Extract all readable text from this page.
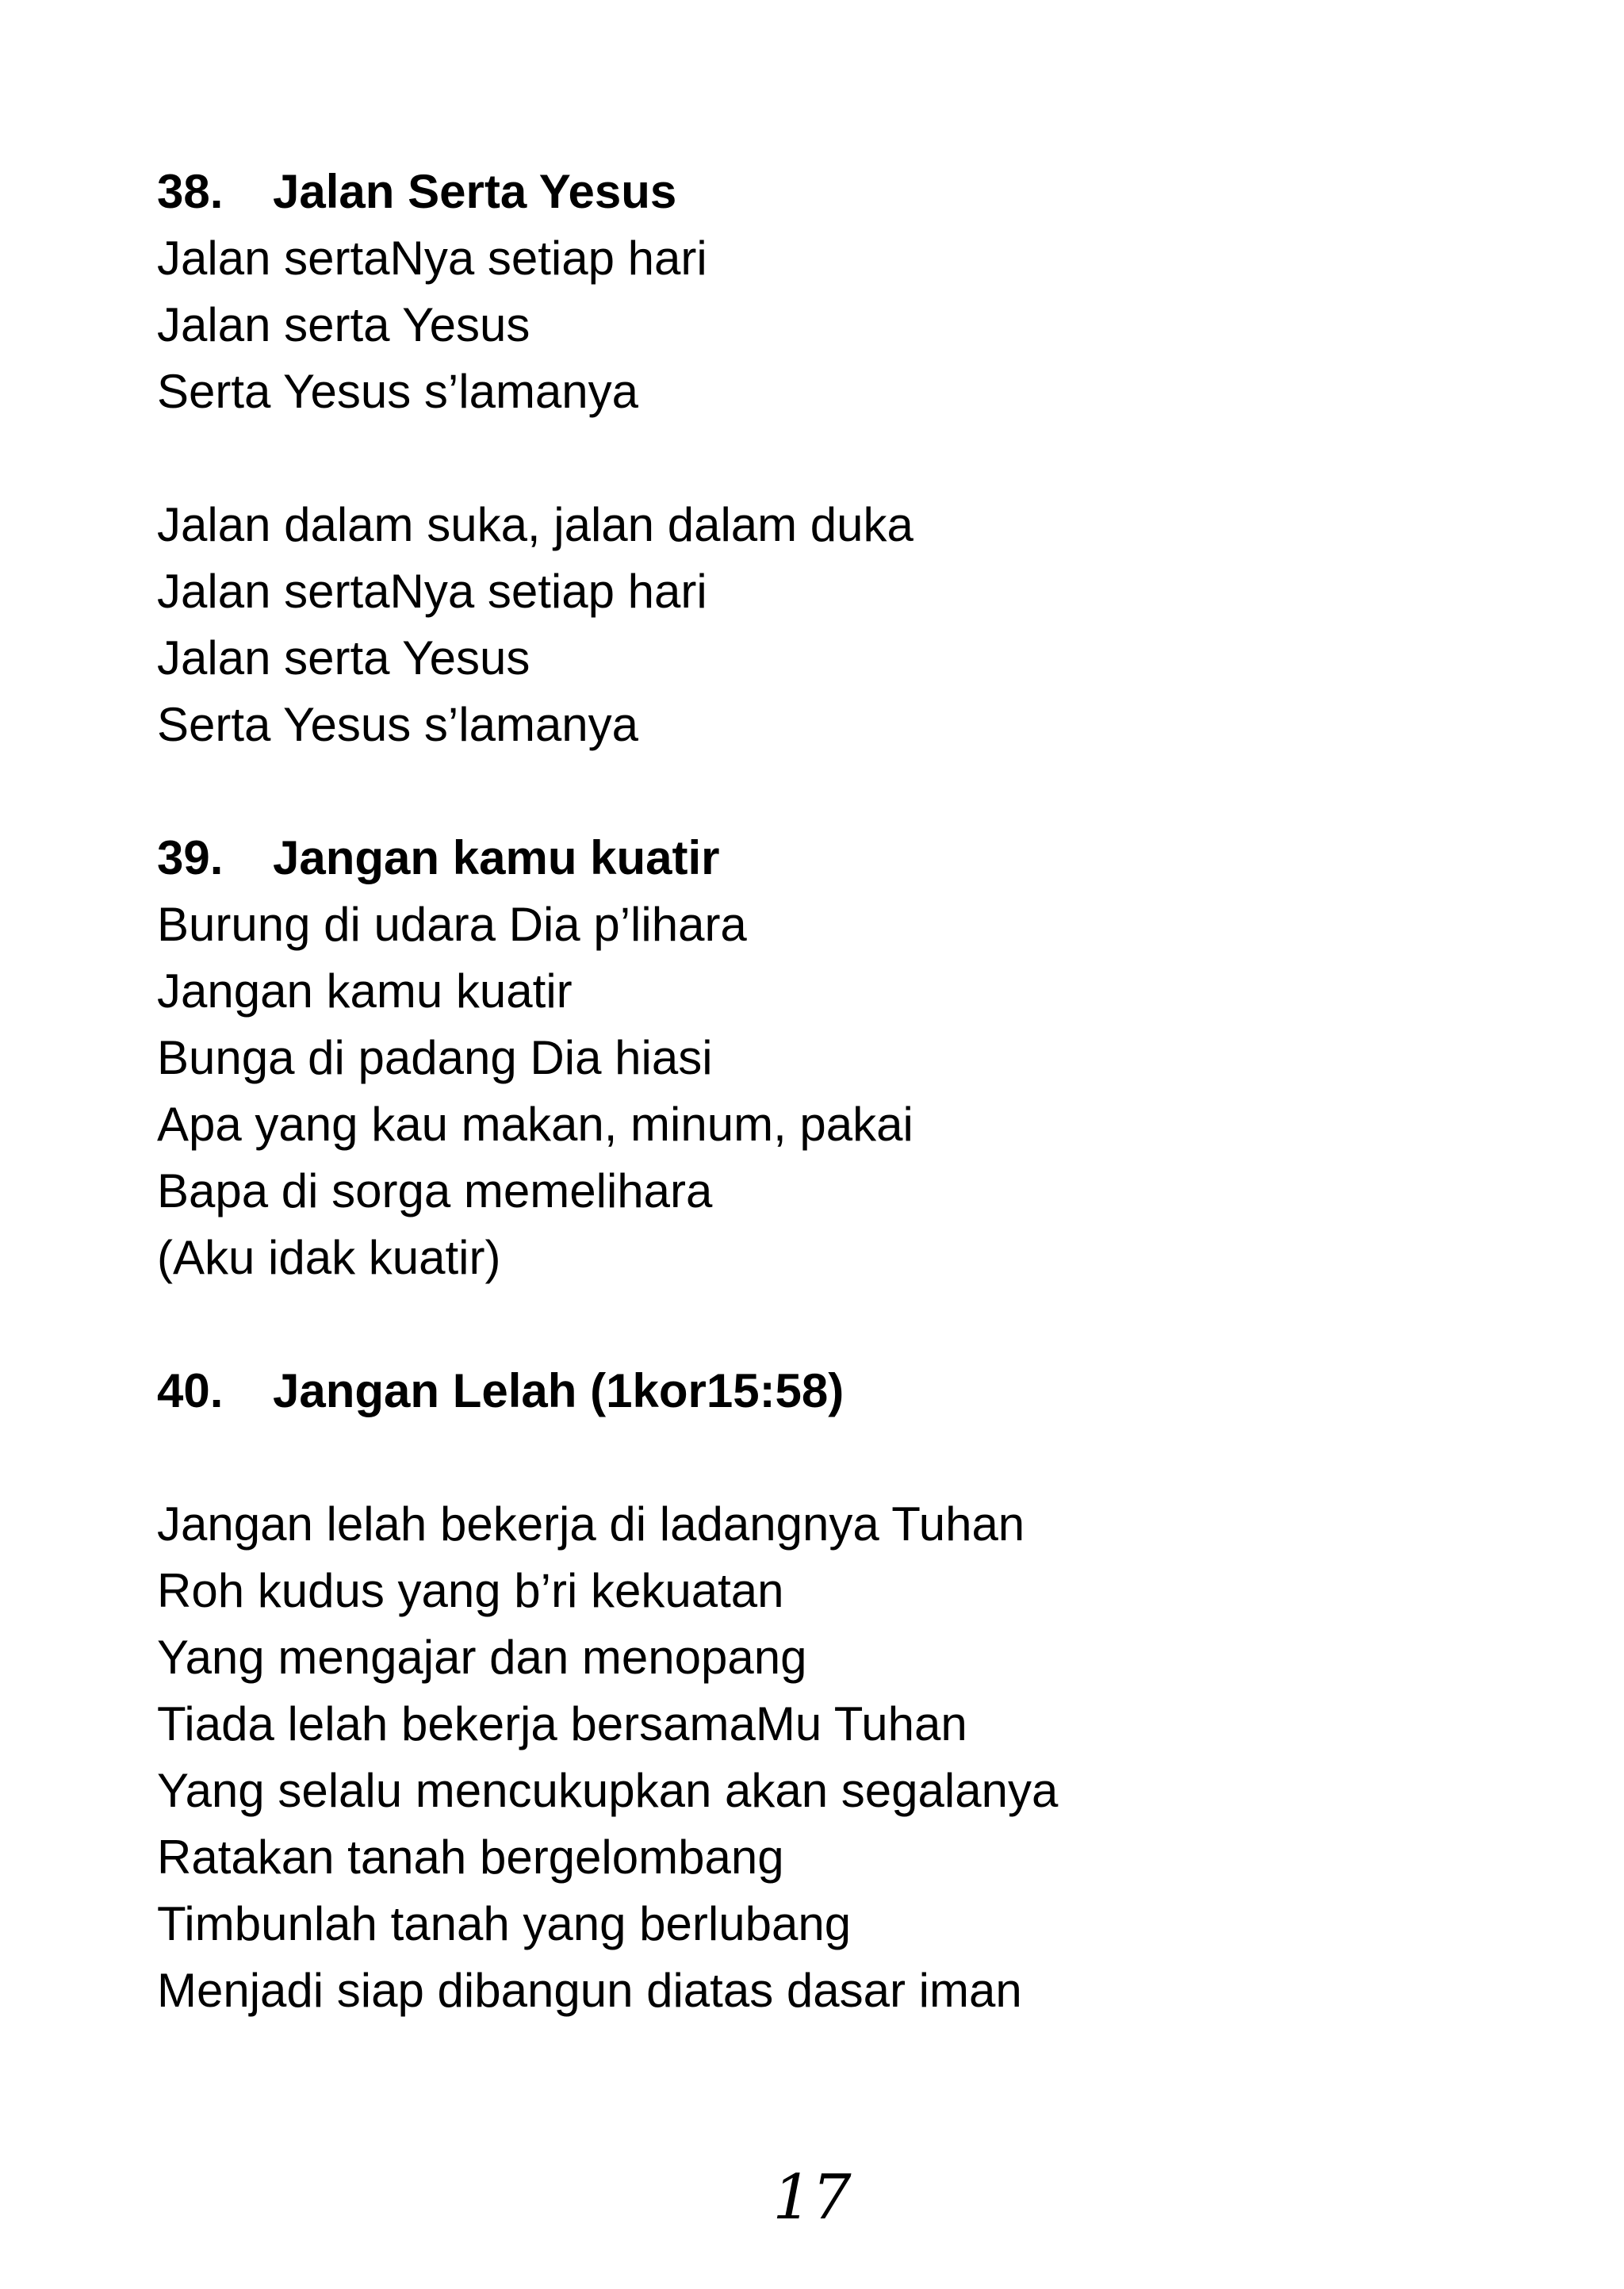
38.	Jalan Serta Yesus
Jalan sertaNya setiap hari
Jalan serta Yesus
Serta Yesus s’lamanya
Jalan dalam suka, jalan dalam duka
Jalan sertaNya setiap hari
Jalan serta Yesus
Serta Yesus s’lamanya
39.	Jangan kamu kuatir
Burung di udara Dia p’lihara
Jangan kamu kuatir
Bunga di padang Dia hiasi
Apa yang kau makan, minum, pakai
Bapa di sorga memelihara
(Aku idak kuatir)
40.	Jangan Lelah (1kor15:58)
Jangan lelah bekerja di ladangnya Tuhan
Roh kudus yang b’ri kekuatan
Yang mengajar dan menopang
Tiada lelah bekerja bersamaMu Tuhan
Yang selalu mencukupkan akan segalanya
Ratakan tanah bergelombang
Timbunlah tanah yang berlubang
Menjadi siap dibangun diatas dasar iman
17
